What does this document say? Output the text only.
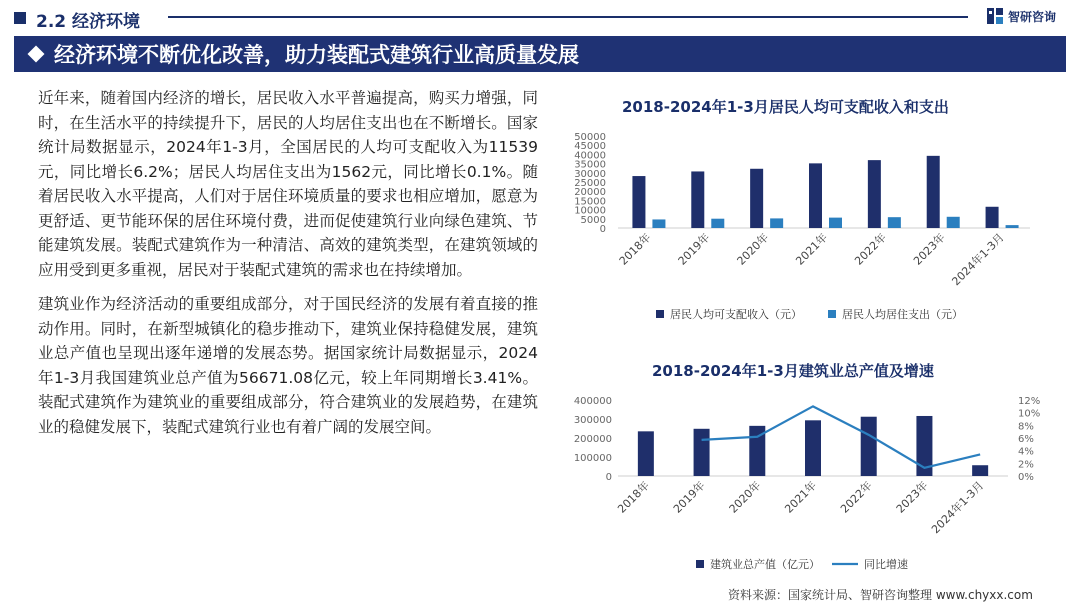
2.2 经济环境	智研咨询
经济环境不断优化改善，助力装配式建筑行业高质量发展

近年来，随着国内经济的增长，居民收入水平普遍提高，购买力增强，同时，在生活水平的持续提升下，居民的人均居住支出也在不断增长。国家统计局数据显示，2024年1-3月，全国居民的人均可支配收入为11539元，同比增长6.2%；居民人均居住支出为1562元，同比增长0.1%。随着居民收入水平提高，人们对于居住环境质量的要求也相应增加，愿意为更舒适、更节能环保的居住环境付费，进而促使建筑行业向绿色建筑、节能建筑发展。装配式建筑作为一种清洁、高效的建筑类型，在建筑领域的应用受到更多重视，居民对于装配式建筑的需求也在持续增加。

建筑业作为经济活动的重要组成部分，对于国民经济的发展有着直接的推动作用。同时，在新型城镇化的稳步推动下，建筑业保持稳健发展，建筑业总产值也呈现出逐年递增的发展态势。据国家统计局数据显示，2024年1-3月我国建筑业总产值为56671.08亿元，较上年同期增长3.41%。装配式建筑作为建筑业的重要组成部分，符合建筑业的发展趋势，在建筑业的稳健发展下，装配式建筑行业也有着广阔的发展空间。

2018-2024年1-3月居民人均可支配收入和支出
0
5000
10000
15000
20000
25000
30000
35000
40000
45000
50000
2018年 2019年 2020年 2021年 2022年 2023年 2024年1-3月
居民人均可支配收入（元）	居民人均居住支出（元）
2018-2024年1-3月建筑业总产值及增速
0
100000
200000
300000
400000
0%
2%
4%
6%
8%
10%
12%
2018年 2019年 2020年 2021年 2022年 2023年
2024年1-3月
建筑业总产值（亿元）	同比增速
资料来源：国家统计局、智研咨询整理 www.chyxx.com
